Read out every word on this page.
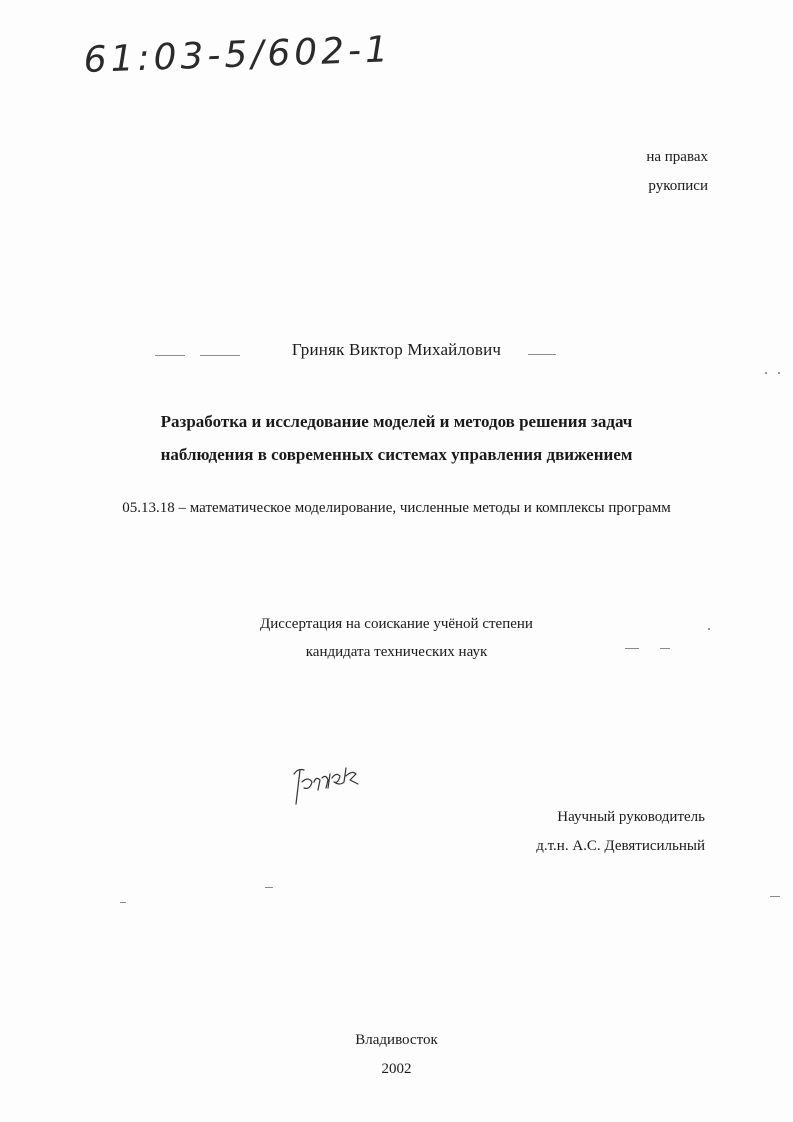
61:03-5/602-1
на правах
рукописи
Гриняк Виктор Михайлович
Разработка и исследование моделей и методов решения задач
наблюдения в современных системах управления движением
05.13.18 – математическое моделирование, численные методы и комплексы программ
Диссертация на соискание учёной степени
кандидата технических наук
Научный руководитель
д.т.н. А.С. Девятисильный
Владивосток
2002
